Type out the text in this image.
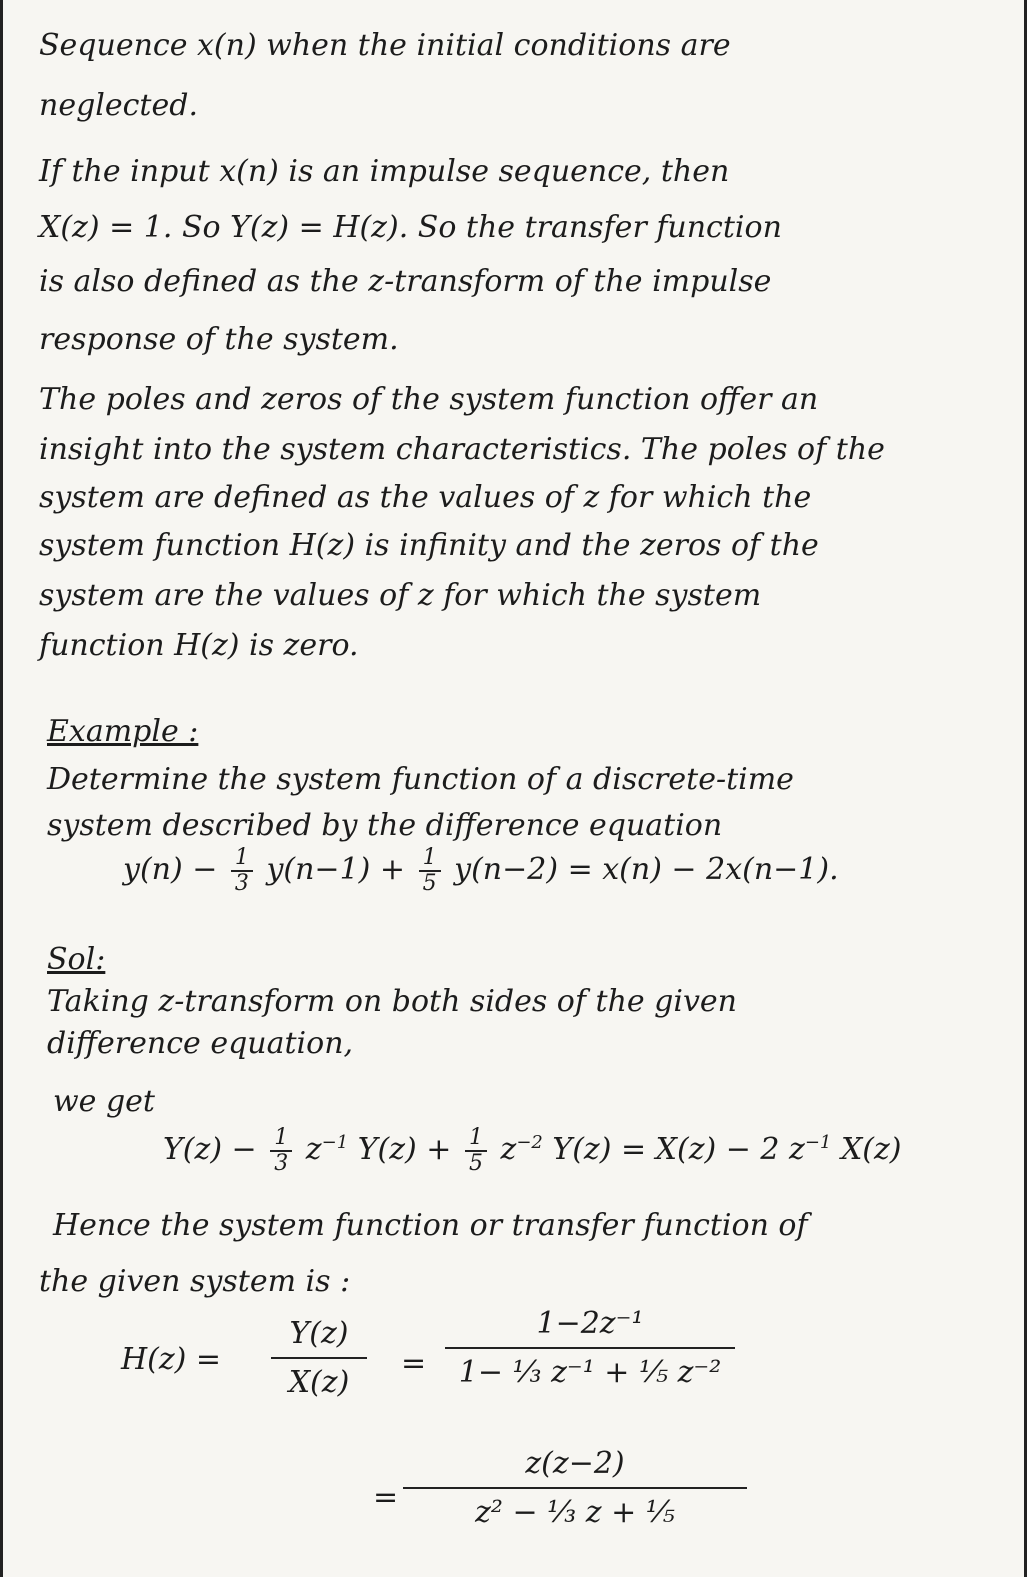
Sequence x(n) when the initial conditions are
neglected.
If the input x(n) is an impulse sequence, then
X(z) = 1. So Y(z) = H(z). So the transfer function
is also defined as the z-transform of the impulse
response of the system.
The poles and zeros of the system function offer an
insight into the system characteristics. The poles of the
system are defined as the values of z for which the
system function H(z) is infinity and the zeros of the
system are the values of z for which the system
function H(z) is zero.
Example :
Determine the system function of a discrete-time
system described by the difference equation
$y(n) - \frac{1}{3} y(n-1) + \frac{1}{5} y(n-2) = x(n) - 2x(n-1)$.
Sol:
Taking z-transform on both sides of the given
difference equation,
we get
$Y(z) - \frac{1}{3} z^{-1}$ $Y(z) + \frac{1}{5} z^{-2}$ Y(z) = X(z) − 2 $z^{-1}$ X(z)
Hence the system function or transfer function of
the given system is :
H(z) =
Y(z)
X(z)
=
1−2z⁻¹
1− ⅓ z⁻¹ + ⅕ z⁻²
=
z(z−2)
z² − ⅓ z + ⅕
